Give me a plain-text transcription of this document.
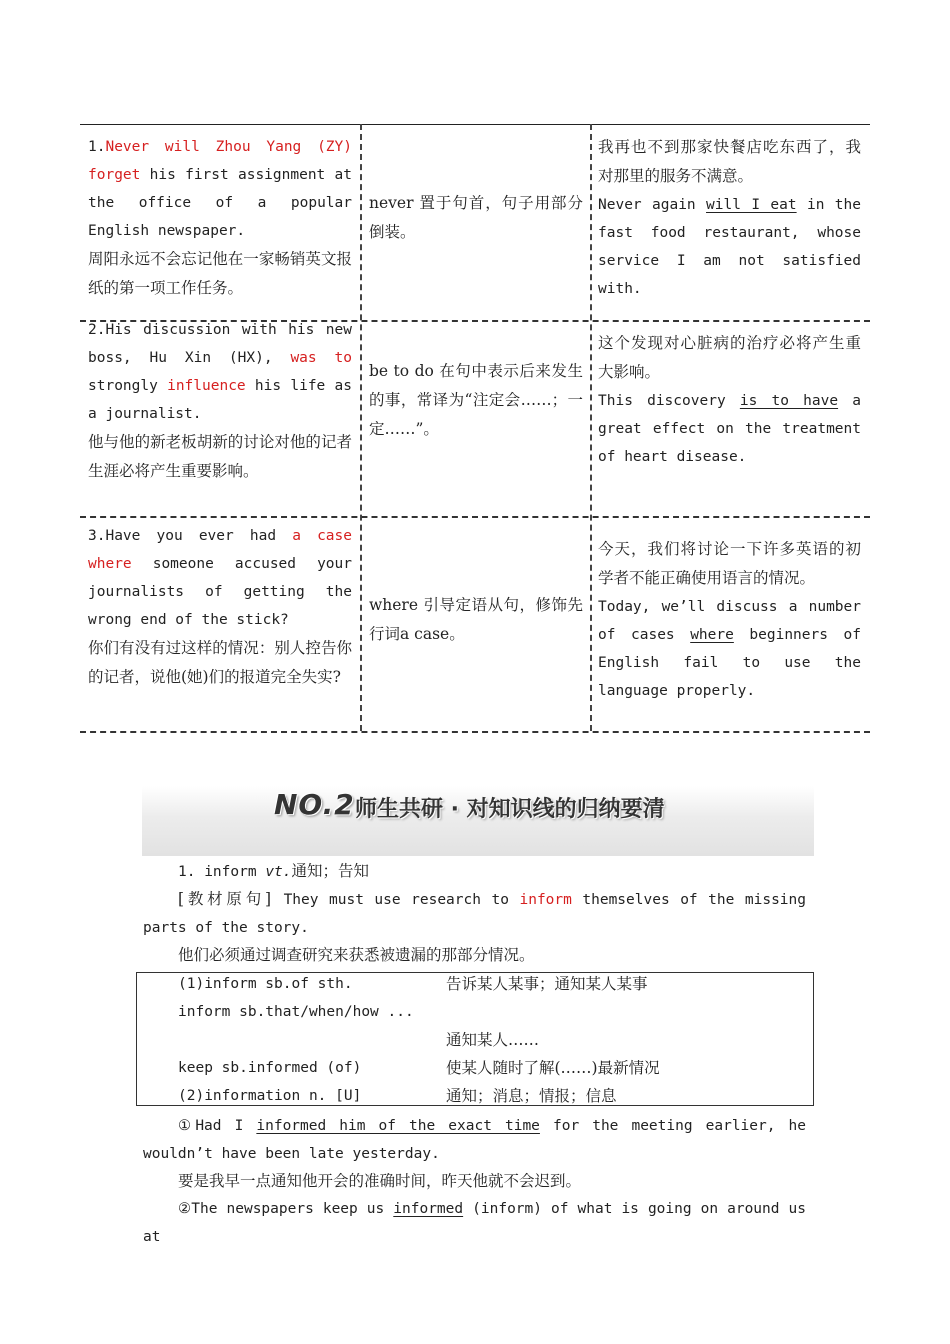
1.Never will Zhou Yang (ZY) forget his first assignment at the office of a popular English newspaper.
周阳永远不会忘记他在一家畅销英文报纸的第一项工作任务。
never 置于句首，句子用部分倒装。
我再也不到那家快餐店吃东西了，我对那里的服务不满意。
Never again will I eat in the fast food restaurant, whose service I am not satisfied with.
2.His discussion with his new boss, Hu Xin (HX), was to strongly influence his life as a journalist.
他与他的新老板胡新的讨论对他的记者生涯必将产生重要影响。
be to do 在句中表示后来发生的事，常译为“注定会……；一定……”。
这个发现对心脏病的治疗必将产生重大影响。
This discovery is to have a great effect on the treatment of heart disease.
3.Have you ever had a case where someone accused your journalists of getting the wrong end of the stick?
你们有没有过这样的情况：别人控告你的记者，说他(她)们的报道完全失实?
where 引导定语从句，修饰先行词a case。
今天，我们将讨论一下许多英语的初学者不能正确使用语言的情况。
Today, we’ll discuss a number of cases where beginners of English fail to use the language properly.
NO.2 师生共研 · 对知识线的归纳要清
1. inform vt.通知；告知
[教材原句] They must use research to inform themselves of the missing parts of the story.
他们必须通过调查研究来获悉被遗漏的那部分情况。
(1)inform sb.of sth.
inform sb.that/when/how ...
keep sb.informed (of)
(2)information n. [U]
告诉某人某事；通知某人某事
通知某人……
使某人随时了解(……)最新情况
通知；消息；情报；信息
①Had I informed him of the exact time for the meeting earlier, he wouldn’t have been late yesterday.
要是我早一点通知他开会的准确时间，昨天他就不会迟到。
②The newspapers keep us informed (inform) of what is going on around us at
